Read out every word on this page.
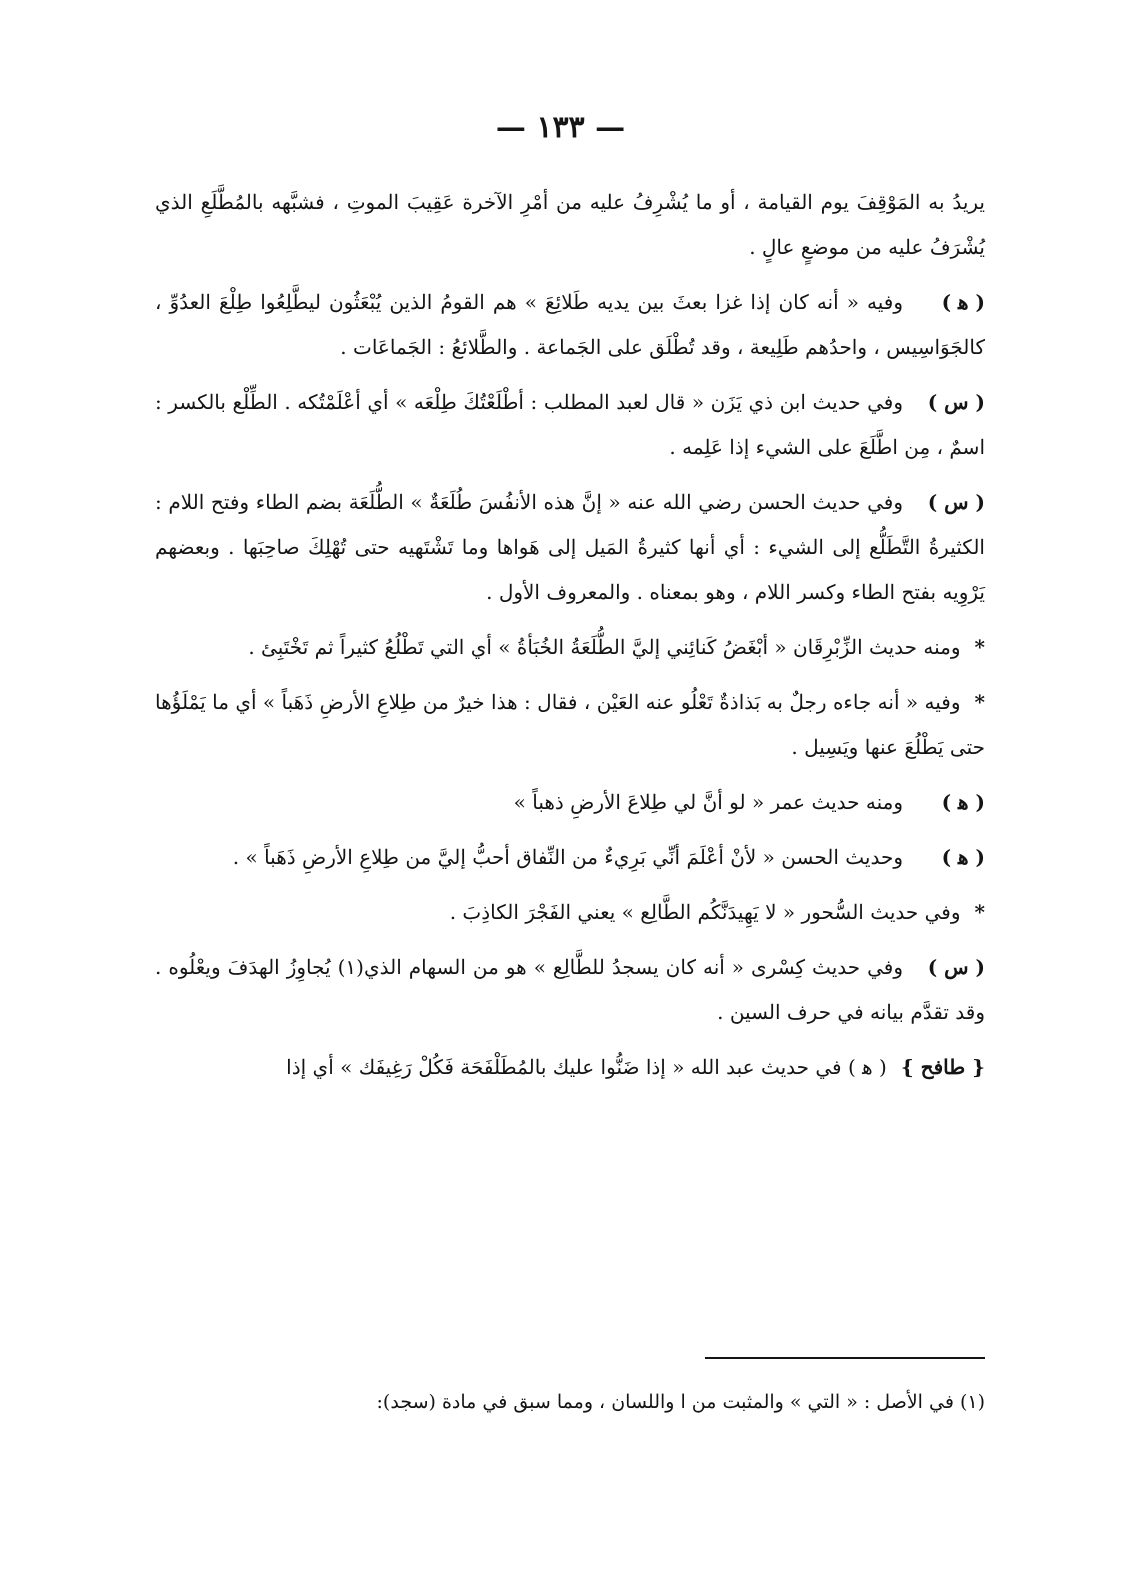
— ١٣٣ —

يريدُ به المَوْقِفَ يوم القيامة ، أو ما يُشْرِفُ عليه من أمْرِ الآخرة عَقِيبَ الموتِ ، فشبَّهه بالمُطَّلَعِ الذي يُشْرَفُ عليه من موضعٍ عالٍ .

( ﻫ )وفيه « أنه كان إذا غزا بعثَ بين يديه طَلائِعَ » هم القومُ الذين يُبْعَثُون ليطَّلِعُوا طِلْعَ العدُوِّ ، كالجَوَاسِيس ، واحدُهم طَلِيعة ، وقد تُطْلَق على الجَماعة . والطَّلائعُ : الجَماعَات .

( س )وفي حديث ابن ذي يَزَن « قال لعبد المطلب : أطْلَعْتُكَ طِلْعَه » أي أعْلَمْتُكه . الطِّلْع بالكسر : اسمٌ ، مِن اطَّلَعَ على الشيء إذا عَلِمه .

( س )وفي حديث الحسن رضي الله عنه « إنَّ هذه الأنفُسَ طُلَعَةٌ » الطُّلَعَة بضم الطاء وفتح اللام : الكثيرةُ التَّطَلُّع إلى الشيء : أي أنها كثيرةُ المَيل إلى هَواها وما تَشْتَهيه حتى تُهْلِكَ صاحِبَها . وبعضهم يَرْوِيه بفتح الطاء وكسر اللام ، وهو بمعناه . والمعروف الأول .

*ومنه حديث الزِّبْرِقَان « أبْغَضُ كَنائِني إليَّ الطُّلَعَةُ الخُبَأةُ » أي التي تَطْلُعُ كثيراً ثم تَخْتَبِئ .

*وفيه « أنه جاءه رجلٌ به بَذاذةٌ تَعْلُو عنه العَيْن ، فقال : هذا خيرٌ من طِلاعِ الأرضِ ذَهَباً » أي ما يَمْلَؤُها حتى يَطْلُعَ عنها ويَسِيل .

( ﻫ )ومنه حديث عمر « لو أنَّ لي طِلاعَ الأرضِ ذهباً »

( ﻫ )وحديث الحسن « لأنْ أعْلَمَ أنِّي بَرِيءٌ من النِّفاق أحبُّ إليَّ من طِلاعِ الأرضِ ذَهَباً » .

*وفي حديث السُّحور « لا يَهِيدَنَّكُم الطَّالِع » يعني الفَجْرَ الكاذِبَ .

( س )وفي حديث كِسْرى « أنه كان يسجدُ للطَّالِع » هو من السهام الذي(١) يُجاوِزُ الهدَفَ ويعْلُوه . وقد تقدَّم بيانه في حرف السين .

{ طافح }( ﻫ ) في حديث عبد الله « إذا ضَنُّوا عليك بالمُطَلْفَحَة فَكُلْ رَغِيفَك » أي إذا

(١) في الأصل : « التي » والمثبت من ا واللسان ، ومما سبق في مادة (سجد):
